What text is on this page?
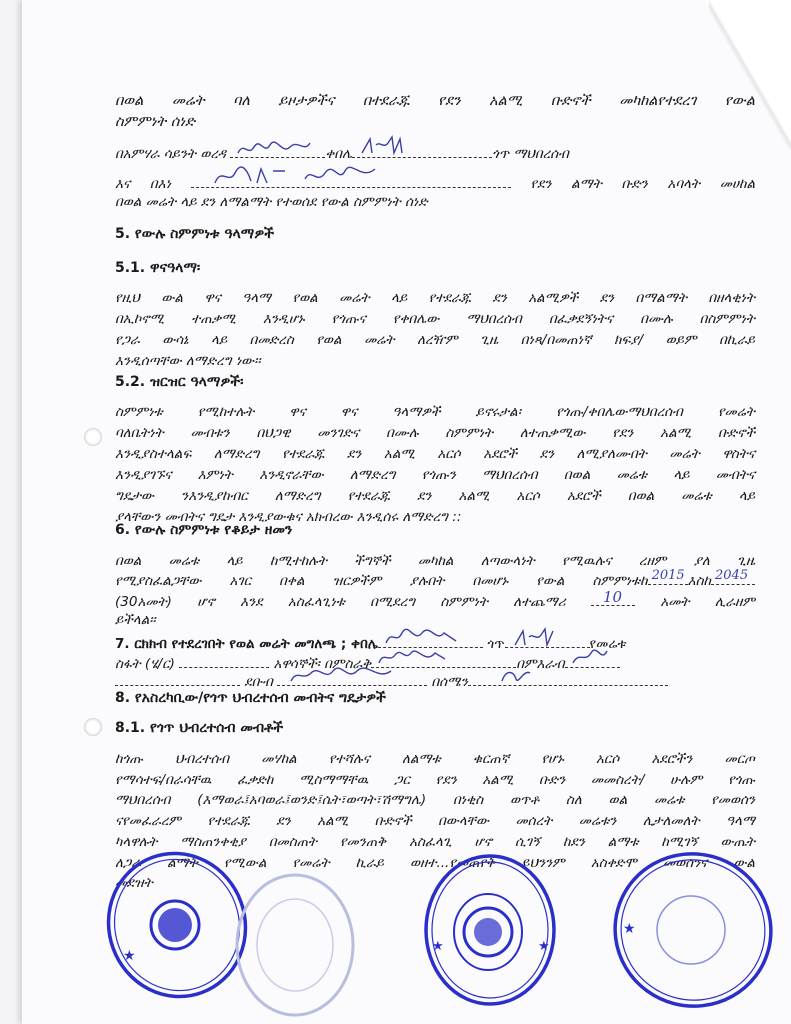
በወል መሬት ባለ ይዞታዎችና በተደራጁ የደን አልሚ ቡድኖች መካከልየተደረገ የውል
ስምምነት ሰነድ
በአምሃራ ሳይንት ወረዳ	ቀበሌ	ጎጥ ማህበረሰብ
እና በእነ	የደን ልማት ቡድን አባላት መሀከል
በወል መሬት ላይ ደን ለማልማት የተወሰደ የውል ስምምነት ሰነድ
5. የውሉ ስምምነቱ ዓላማዎች
5.1. ዋናዓላማ፡
የዚህ ውል ዋና ዓላማ የወል መሬት ላይ የተደራጁ ደን አልሚዎች ደን በማልማት በዘላቂነት
በኢኮኖሚ ተጠቃሚ እንዲሆኑ የጎጡና የቀበሌው ማህበረሰብ በፈቃደኝነትና በሙሉ በስምምነት
የጋራ ውሳኔ ላይ በመድረስ የወል መሬት ለረዥም ጊዜ በነጻ/በመጠነኛ ክፍያ/ ወይም በኪራይ
እንዲሰጣቸው ለማድረግ ነው፡፡
5.2. ዝርዝር ዓላማዎች፡
ስምምነቱ የሚከተሉት ዋና ዋና ዓላማዎች ይኖሩታል፡ የጎጡ/ቀበሌውማህበረሰብ የመሬት
ባለቤትነት መብቱን በህጋዊ መንገድና በሙሉ ስምምነት ለተጠቃሚው የደን አልሚ ቡድኖች
እንዲያስተላልፍ ለማድረግ የተደራጁ ደን አልሚ አርሶ አደሮች ደን ለሚያለሙበት መሬት ዋስትና
እንዲያገኙና እምነት እንዲኖራቸው ለማድረግ የጎጡን ማህበረሰብ በወል መሬቱ ላይ መብትና
ግዴታው ንእንዲያከብር ለማድረግ የተደራጁ ደን አልሚ አርሶ አደሮች በወል መሬቱ ላይ
ያላቸውን መብትና ግዴታ እንዲያውቁና አክብረው እንዲሰሩ ለማድረግ ::
6. የውሉ ስምምነቱ የቆይታ ዘመን
በወል መሬቱ ላይ ከሚተከሉት ችግኞች መካከል ለጣውላነት የሚዉሉና ረዘም ያለ ጊዜ
የሚያስፈልጋቸው አገር በቀል ዝርዎችም ያሉበት በመሆኑ የውል ስምምነቱከ 2015 እስከ 2045
(30አመት) ሆኖ እንደ አስፈላጊነቱ በሚደረግ ስምምነት ለተጨማሪ 10	አመት ሊራዘም
ይችላል፡፡
7. ርክክብ የተደረገበት የወል መሬት መግለጫ ; ቀበሌ	ጎጥ	የመሬቱ
ስፋት (ሄ/ር)	አዋሳኞች፡ በምስራቅ	በምእራብ
ደቡብ	በሰሜን
8. የአስረካቢው/የጎጥ ህብረተሰብ መብትና ግዴታዎች
8.1. የጎጥ ህብረተሰብ መብቶች
ከጎጡ ህብረተሰብ መሃከል የተሻሉና ለልማቱ ቁርጠኛ የሆኑ አርሶ አደሮችን መርጦ
የማሳተፍ/በራሳቸዉ ፈቃድከ ሚስማማቸዉ ጋር የደን አልሚ ቡድን መመስረት/ ሁሉም የጎጡ
ማህበረሰብ (እማወራ፤አባወራ፤ወንድ፤ሴት፣ወጣት፣ሽማግሌ) በነቂስ ወጥቶ ስለ ወል መሬቱ የመወሰን
ናየመፈራረም የተደራጁ ደን አልሚ ቡድኖች በውላቸው መሰረት መሬቱን ሊታለመለት ዓላማ
ካላዋሉት ማስጠንቀቂያ በመስጠት የመንጠቅ አስፈላጊ ሆኖ ሲገኝ ከደን ልማቱ ከሚገኝ ውጤት
ለጋራ ልማት የሚውል የመሬት ኪራይ ወዘተ...የመጠየቅ ይህንንም አስቀድሞ መወሰንና ውል
መደዝት
★
★	★
★
